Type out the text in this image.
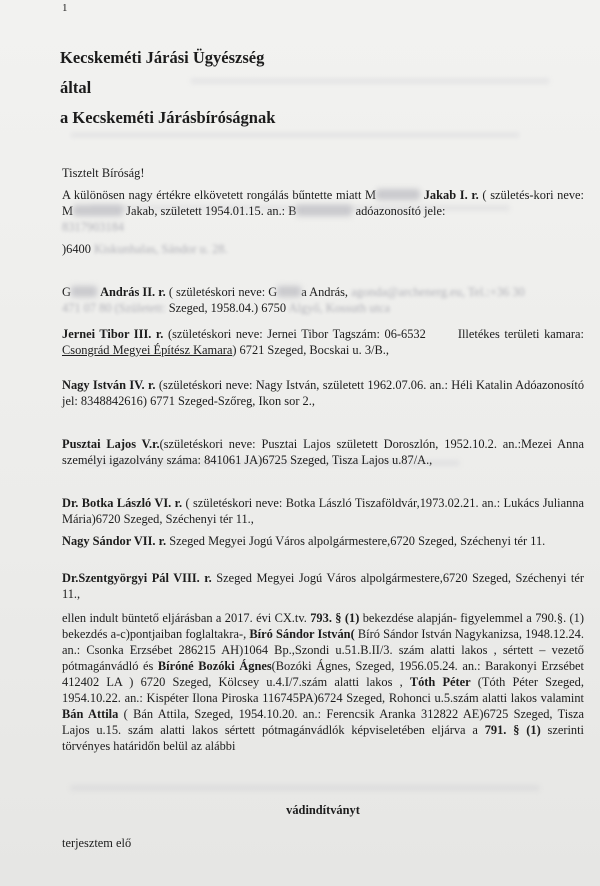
1
Kecskeméti Járási Ügyészség
által
a Kecskeméti Járásbíróságnak
Tisztelt Bíróság!
A különösen nagy értékre elkövetett rongálás bűntette miatt M	Jakab I. r. ( születés-kori neve: M	Jakab, született 1954.01.15. an.: B	adóazonosító jele:
8317903184
)6400 Kiskunhalas, Sándor u. 28.
G András II. r. ( születéskori neve: G a András, agonda@archenerg.eu, Tel.:+36 30
471 07 80 (Született: Szeged, 1958.04.) 6750 Algyő, Kossuth utca
Jernei Tibor III. r. (születéskori neve: Jernei Tibor Tagszám: 06-6532	Illetékes területi kamara: Csongrád Megyei Építész Kamara) 6721 Szeged, Bocskai u. 3/B.,
Nagy István IV. r. (születéskori neve: Nagy István, született 1962.07.06. an.: Héli Katalin Adóazonosító jel: 8348842616) 6771 Szeged-Szőreg, Ikon sor 2.,
Pusztai Lajos V.r.(születéskori neve: Pusztai Lajos született Doroszlón, 1952.10.2. an.:Mezei Anna személyi igazolvány száma: 841061 JA)6725 Szeged, Tisza Lajos u.87/A.,
Dr. Botka László VI. r. ( születéskori neve: Botka László Tiszaföldvár,1973.02.21. an.: Lukács Julianna Mária)6720 Szeged, Széchenyi tér 11.,
Nagy Sándor VII. r. Szeged Megyei Jogú Város alpolgármestere,6720 Szeged, Széchenyi tér 11.
Dr.Szentgyörgyi Pál VIII. r. Szeged Megyei Jogú Város alpolgármestere,6720 Szeged, Széchenyi tér 11.,
ellen indult büntető eljárásban a 2017. évi CX.tv. 793. § (1) bekezdése alapján- figyelemmel a 790.§. (1) bekezdés a-c)pontjaiban foglaltakra-, Bíró Sándor István( Bíró Sándor István Nagykanizsa, 1948.12.24. an.: Csonka Erzsébet 286215 AH)1064 Bp.,Szondi u.51.B.II/3. szám alatti lakos , sértett – vezető pótmagánvádló és Bíróné Bozóki Ágnes(Bozóki Ágnes, Szeged, 1956.05.24. an.: Barakonyi Erzsébet 412402 LA ) 6720 Szeged, Kölcsey u.4.I/7.szám alatti lakos , Tóth Péter (Tóth Péter Szeged, 1954.10.22. an.: Kispéter Ilona Piroska 116745PA)6724 Szeged, Rohonci u.5.szám alatti lakos valamint Bán Attila ( Bán Attila, Szeged, 1954.10.20. an.: Ferencsik Aranka 312822 AE)6725 Szeged, Tisza Lajos u.15. szám alatti lakos sértett pótmagánvádlók képviseletében eljárva a 791. § (1) szerinti törvényes határidőn belül az alábbi
vádindítványt
terjesztem elő
